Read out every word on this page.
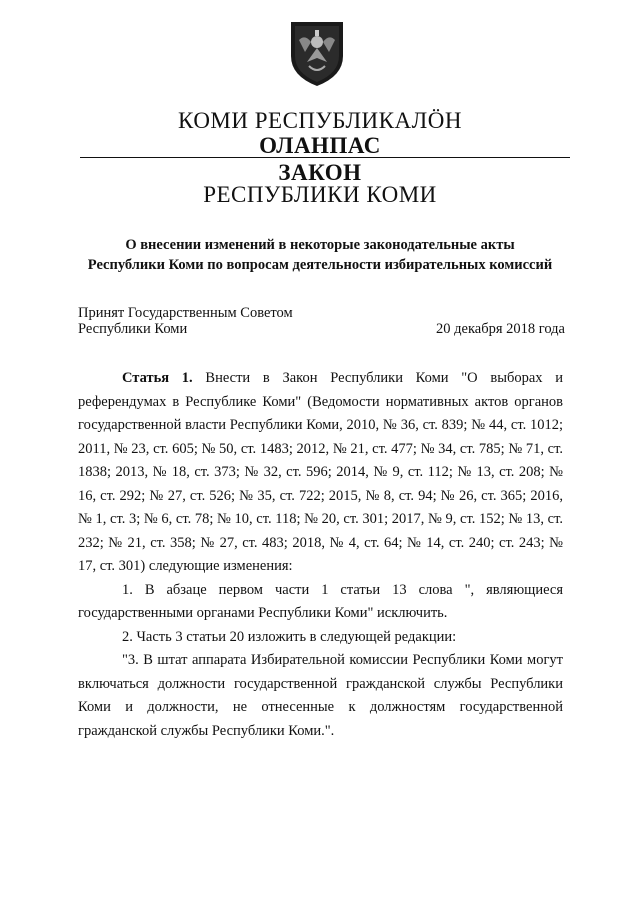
КОМИ РЕСПУБЛИКАЛÖН
ОЛАНПАС
ЗАКОН
РЕСПУБЛИКИ КОМИ
О внесении изменений в некоторые законодательные акты
Республики Коми по вопросам деятельности избирательных комиссий
Принят Государственным Советом
Республики Коми	20 декабря 2018 года

Статья 1. Внести в Закон Республики Коми "О выборах и референдумах в Республике Коми" (Ведомости нормативных актов органов государственной власти Республики Коми, 2010, № 36, ст. 839; № 44, ст. 1012; 2011, № 23, ст. 605; № 50, ст. 1483; 2012, № 21, ст. 477; № 34, ст. 785; № 71, ст. 1838; 2013, № 18, ст. 373; № 32, ст. 596; 2014, № 9, ст. 112; № 13, ст. 208; № 16, ст. 292; № 27, ст. 526; № 35, ст. 722; 2015, № 8, ст. 94; № 26, ст. 365; 2016, № 1, ст. 3; № 6, ст. 78; № 10, ст. 118; № 20, ст. 301; 2017, № 9, ст. 152; № 13, ст. 232; № 21, ст. 358; № 27, ст. 483; 2018, № 4, ст. 64; № 14, ст. 240; ст. 243; № 17, ст. 301) следующие изменения:

1. В абзаце первом части 1 статьи 13 слова ", являющиеся государственными органами Республики Коми" исключить.

2. Часть 3 статьи 20 изложить в следующей редакции:

"3. В штат аппарата Избирательной комиссии Республики Коми могут включаться должности государственной гражданской службы Республики Коми и должности, не отнесенные к должностям государственной гражданской службы Республики Коми.".
